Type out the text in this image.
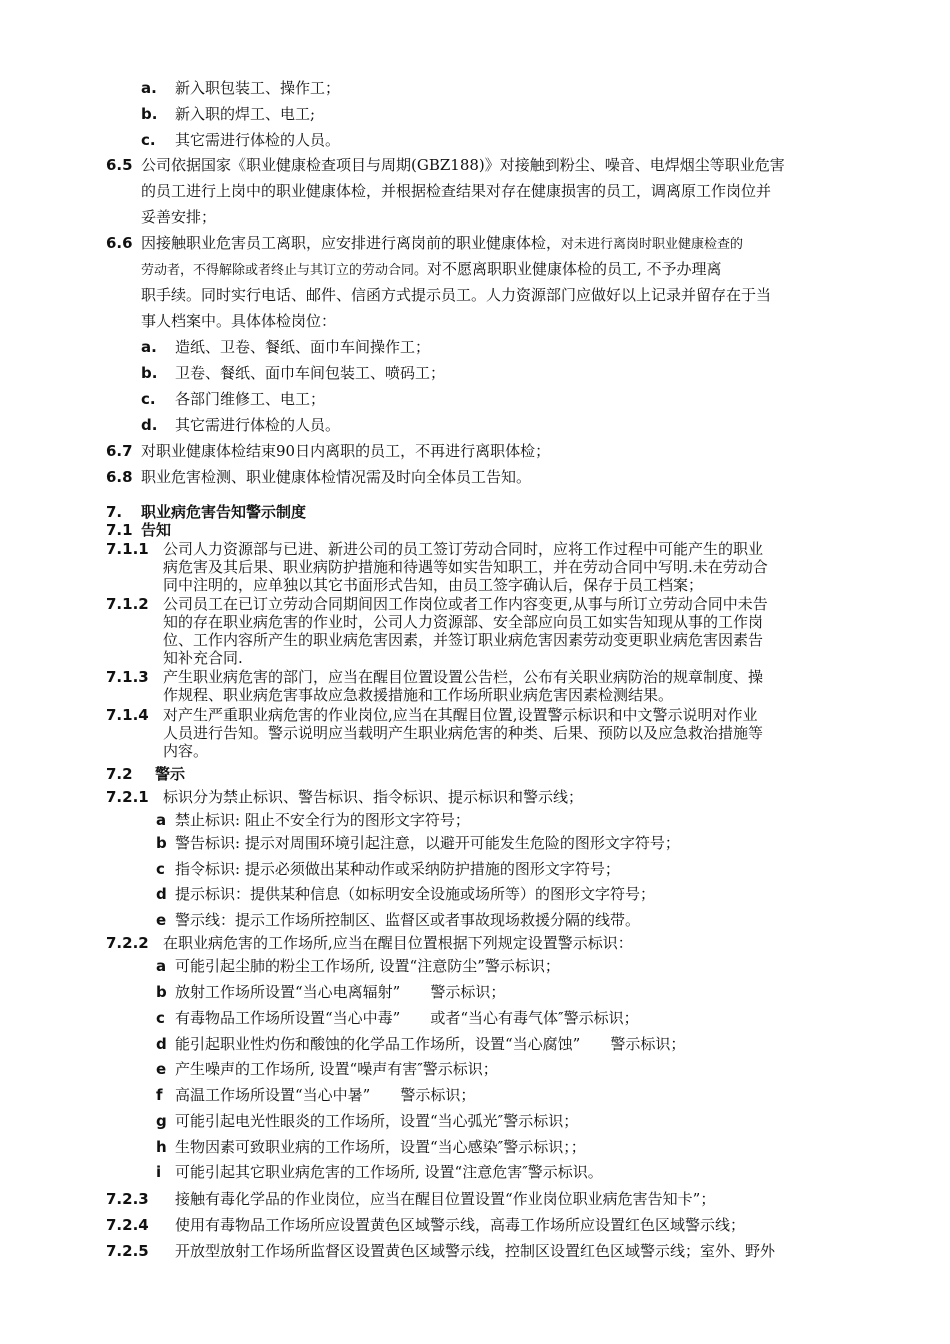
a. 新入职包装工、操作工；
b. 新入职的焊工、电工;
c. 其它需进行体检的人员。
6.5 公司依据国家《职业健康检查项目与周期(GBZ188)》对接触到粉尘、噪音、电焊烟尘等职业危害
的员工进行上岗中的职业健康体检，并根据检查结果对存在健康损害的员工，调离原工作岗位并
妥善安排；
6.6 因接触职业危害员工离职，应安排进行离岗前的职业健康体检，对未进行离岗时职业健康检查的
劳动者，不得解除或者终止与其订立的劳动合同。对不愿离职职业健康体检的员工, 不予办理离
职手续。同时实行电话、邮件、信函方式提示员工。人力资源部门应做好以上记录并留存在于当
事人档案中。具体体检岗位：
a. 造纸、卫卷、餐纸、面巾车间操作工；
b. 卫卷、餐纸、面巾车间包装工、喷码工；
c. 各部门维修工、电工；
d. 其它需进行体检的人员。
6.7 对职业健康体检结束90日内离职的员工，不再进行离职体检；
6.8 职业危害检测、职业健康体检情况需及时向全体员工告知。
7. 职业病危害告知警示制度
7.1 告知
7.1.1 公司人力资源部与已进、新进公司的员工签订劳动合同时，应将工作过程中可能产生的职业
病危害及其后果、职业病防护措施和待遇等如实告知职工，并在劳动合同中写明.未在劳动合
同中注明的，应单独以其它书面形式告知，由员工签字确认后，保存于员工档案；
7.1.2 公司员工在已订立劳动合同期间因工作岗位或者工作内容变更,从事与所订立劳动合同中未告
知的存在职业病危害的作业时，公司人力资源部、安全部应向员工如实告知现从事的工作岗
位、工作内容所产生的职业病危害因素，并签订职业病危害因素劳动变更职业病危害因素告
知补充合同.
7.1.3 产生职业病危害的部门，应当在醒目位置设置公告栏，公布有关职业病防治的规章制度、操
作规程、职业病危害事故应急救援措施和工作场所职业病危害因素检测结果。
7.1.4 对产生严重职业病危害的作业岗位,应当在其醒目位置,设置警示标识和中文警示说明对作业
人员进行告知。警示说明应当载明产生职业病危害的种类、后果、预防以及应急救治措施等
内容。
7.2 警示
7.2.1 标识分为禁止标识、警告标识、指令标识、提示标识和警示线；
a 禁止标识: 阻止不安全行为的图形文字符号；
b 警告标识: 提示对周围环境引起注意，以避开可能发生危险的图形文字符号；
c 指令标识: 提示必须做出某种动作或采纳防护措施的图形文字符号；
d 提示标识：提供某种信息（如标明安全设施或场所等）的图形文字符号；
e 警示线：提示工作场所控制区、监督区或者事故现场救援分隔的线带。
7.2.2 在职业病危害的工作场所,应当在醒目位置根据下列规定设置警示标识：
a 可能引起尘肺的粉尘工作场所, 设置“注意防尘”警示标识；
b 放射工作场所设置“当心电离辐射”　　警示标识；
c 有毒物品工作场所设置“当心中毒”　　或者“当心有毒气体″警示标识；
d 能引起职业性灼伤和酸蚀的化学品工作场所，设置“当心腐蚀”　　警示标识；
e 产生噪声的工作场所, 设置“噪声有害″警示标识；
f 高温工作场所设置“当心中暑”　　警示标识；
g 可能引起电光性眼炎的工作场所，设置“当心弧光″警示标识；
h 生物因素可致职业病的工作场所，设置“当心感染″警示标识；；
i 可能引起其它职业病危害的工作场所, 设置“注意危害″警示标识。
7.2.3 接触有毒化学品的作业岗位，应当在醒目位置设置“作业岗位职业病危害告知卡”；
7.2.4 使用有毒物品工作场所应设置黄色区域警示线，高毒工作场所应设置红色区域警示线；
7.2.5 开放型放射工作场所监督区设置黄色区域警示线，控制区设置红色区域警示线；室外、野外
